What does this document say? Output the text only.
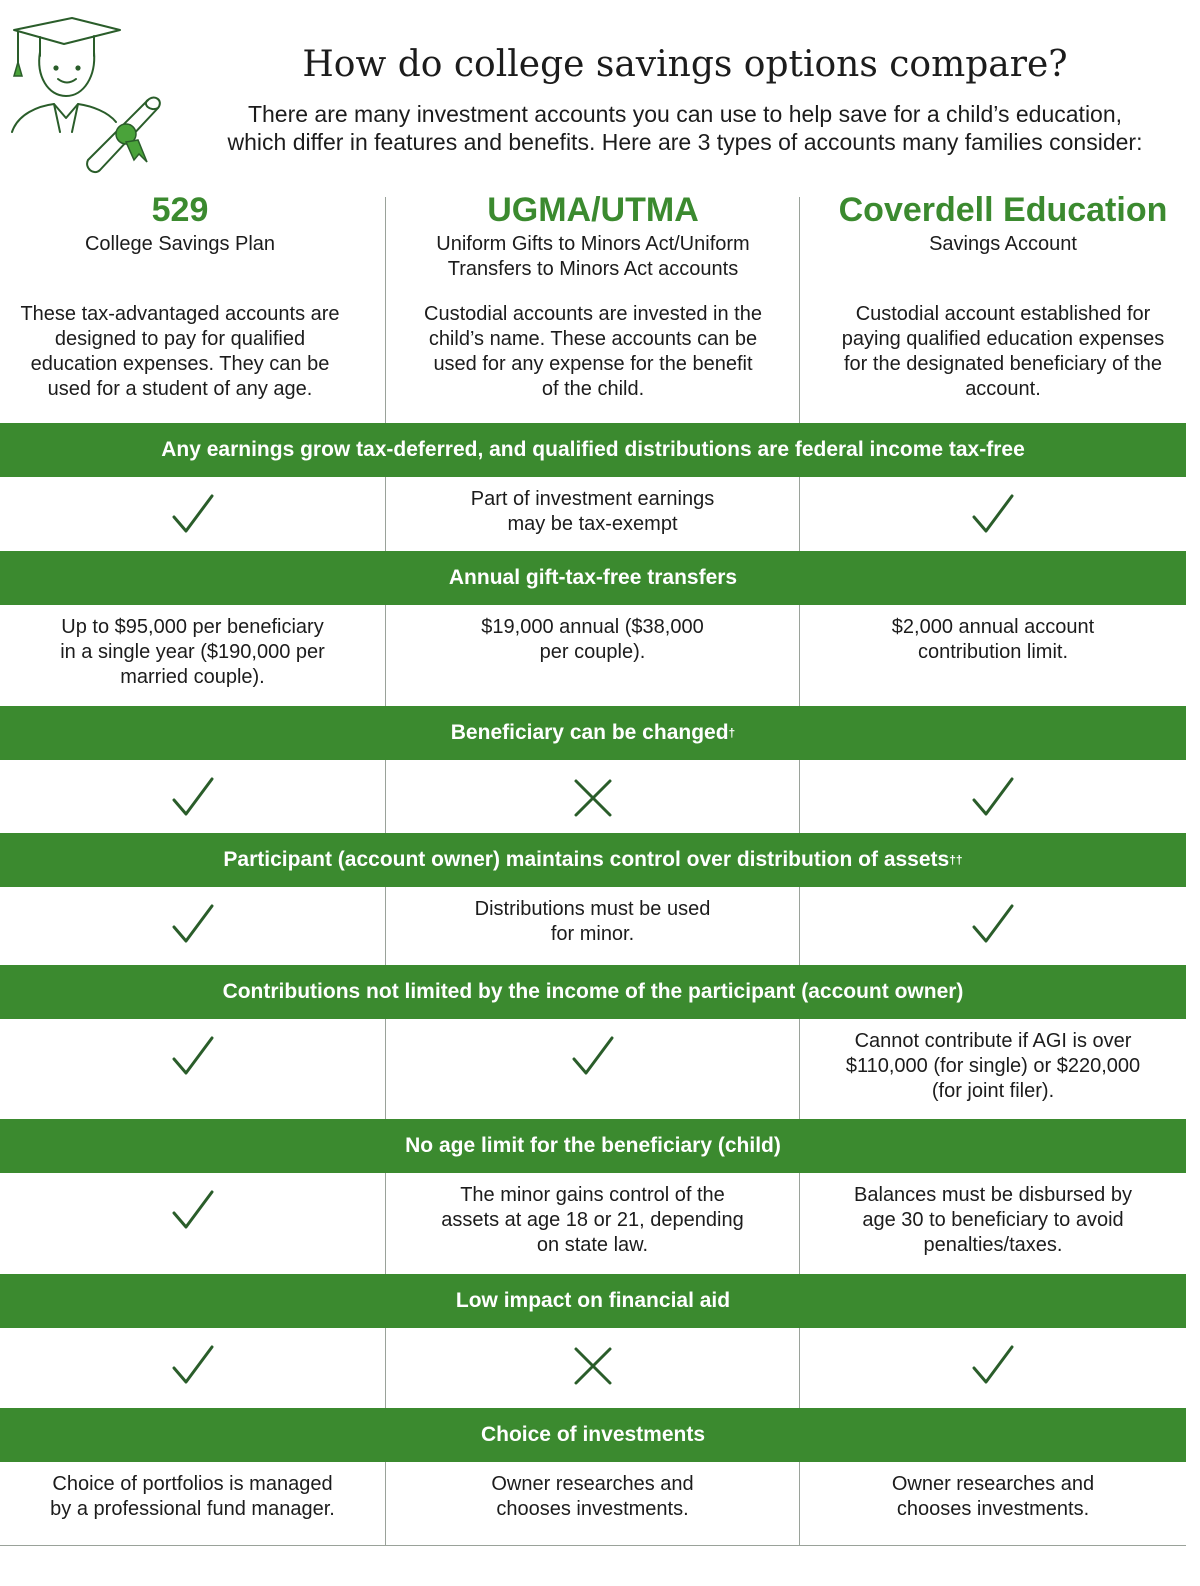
How do college savings options compare?
There are many investment accounts you can use to help save for a child’s education,
which differ in features and benefits. Here are 3 types of accounts many families consider:
529
College Savings Plan
UGMA/UTMA
Uniform Gifts to Minors Act/Uniform
Transfers to Minors Act accounts
Coverdell Education
Savings Account
These tax-advantaged accounts are
designed to pay for qualified
education expenses. They can be
used for a student of any age.
Custodial accounts are invested in the
child’s name. These accounts can be
used for any expense for the benefit
of the child.
Custodial account established for
paying qualified education expenses
for the designated beneficiary of the
account.
Any earnings grow tax-deferred, and qualified distributions are federal income tax-free
Part of investment earnings
may be tax-exempt
Annual gift-tax-free transfers
Up to $95,000 per beneficiary
in a single year ($190,000 per
married couple).
$19,000 annual ($38,000
per couple).
$2,000 annual account
contribution limit.
Beneficiary can be changed †
Participant (account owner) maintains control over distribution of assets ††
Distributions must be used
for minor.
Contributions not limited by the income of the participant (account owner)
Cannot contribute if AGI is over
$110,000 (for single) or $220,000
(for joint filer).
No age limit for the beneficiary (child)
The minor gains control of the
assets at age 18 or 21, depending
on state law.
Balances must be disbursed by
age 30 to beneficiary to avoid
penalties/taxes.
Low impact on financial aid
Choice of investments
Choice of portfolios is managed
by a professional fund manager.
Owner researches and
chooses investments.
Owner researches and
chooses investments.
